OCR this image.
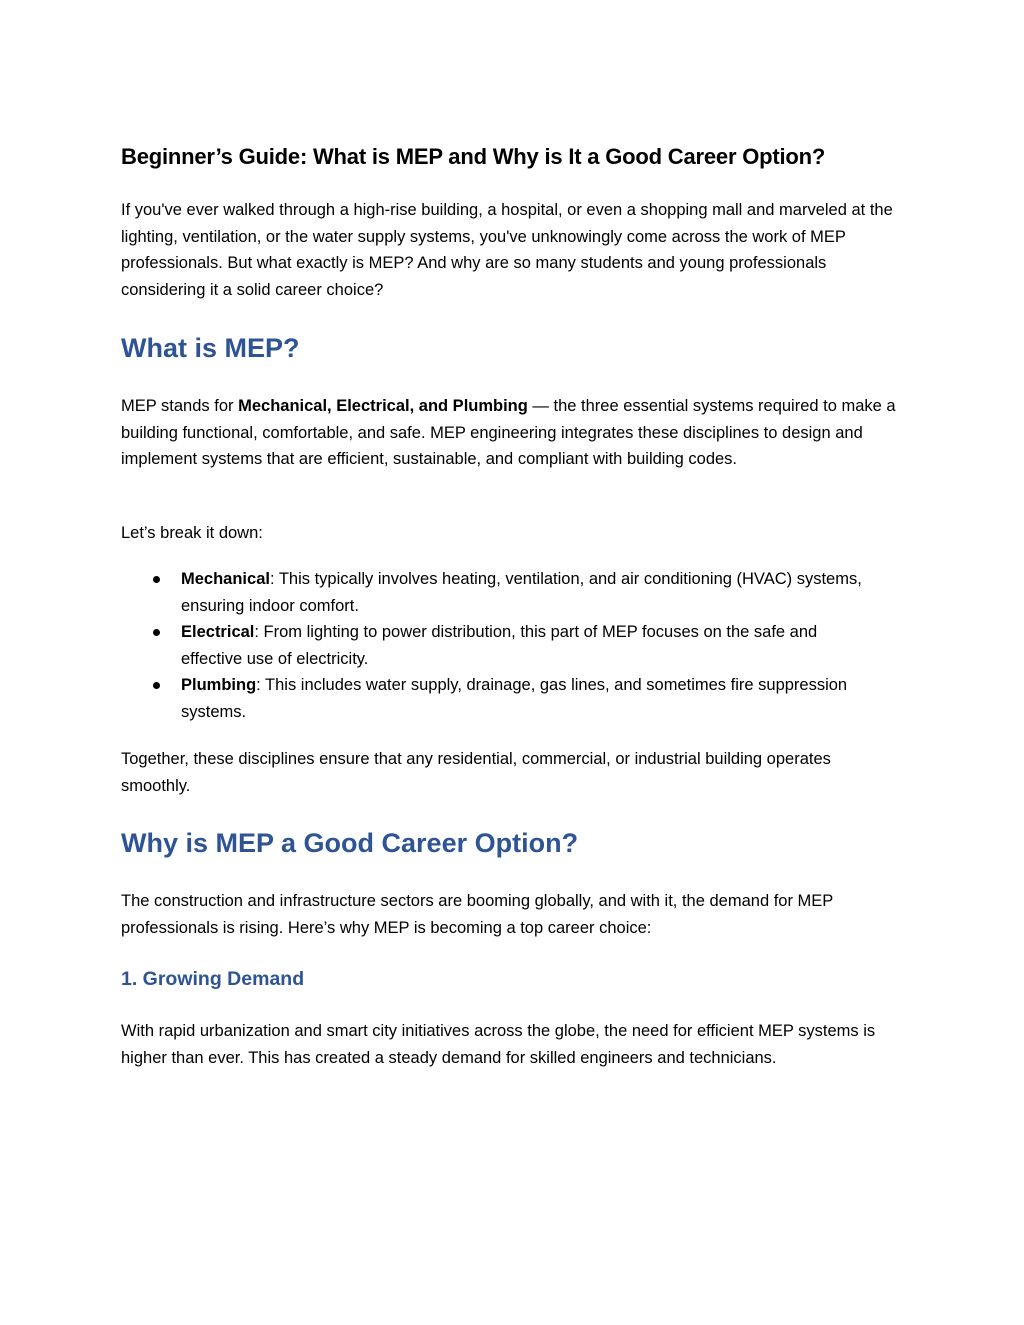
Beginner’s Guide: What is MEP and Why is It a Good Career Option?

If you've ever walked through a high-rise building, a hospital, or even a shopping mall and marveled at the lighting, ventilation, or the water supply systems, you've unknowingly come across the work of MEP professionals. But what exactly is MEP? And why are so many students and young professionals considering it a solid career choice?

What is MEP?

MEP stands for Mechanical, Electrical, and Plumbing — the three essential systems required to make a building functional, comfortable, and safe. MEP engineering integrates these disciplines to design and implement systems that are efficient, sustainable, and compliant with building codes.

Let’s break it down:

Mechanical: This typically involves heating, ventilation, and air conditioning (HVAC) systems, ensuring indoor comfort.
Electrical: From lighting to power distribution, this part of MEP focuses on the safe and effective use of electricity.
Plumbing: This includes water supply, drainage, gas lines, and sometimes fire suppression systems.

Together, these disciplines ensure that any residential, commercial, or industrial building operates smoothly.

Why is MEP a Good Career Option?

The construction and infrastructure sectors are booming globally, and with it, the demand for MEP professionals is rising. Here’s why MEP is becoming a top career choice:

1. Growing Demand

With rapid urbanization and smart city initiatives across the globe, the need for efficient MEP systems is higher than ever. This has created a steady demand for skilled engineers and technicians.
